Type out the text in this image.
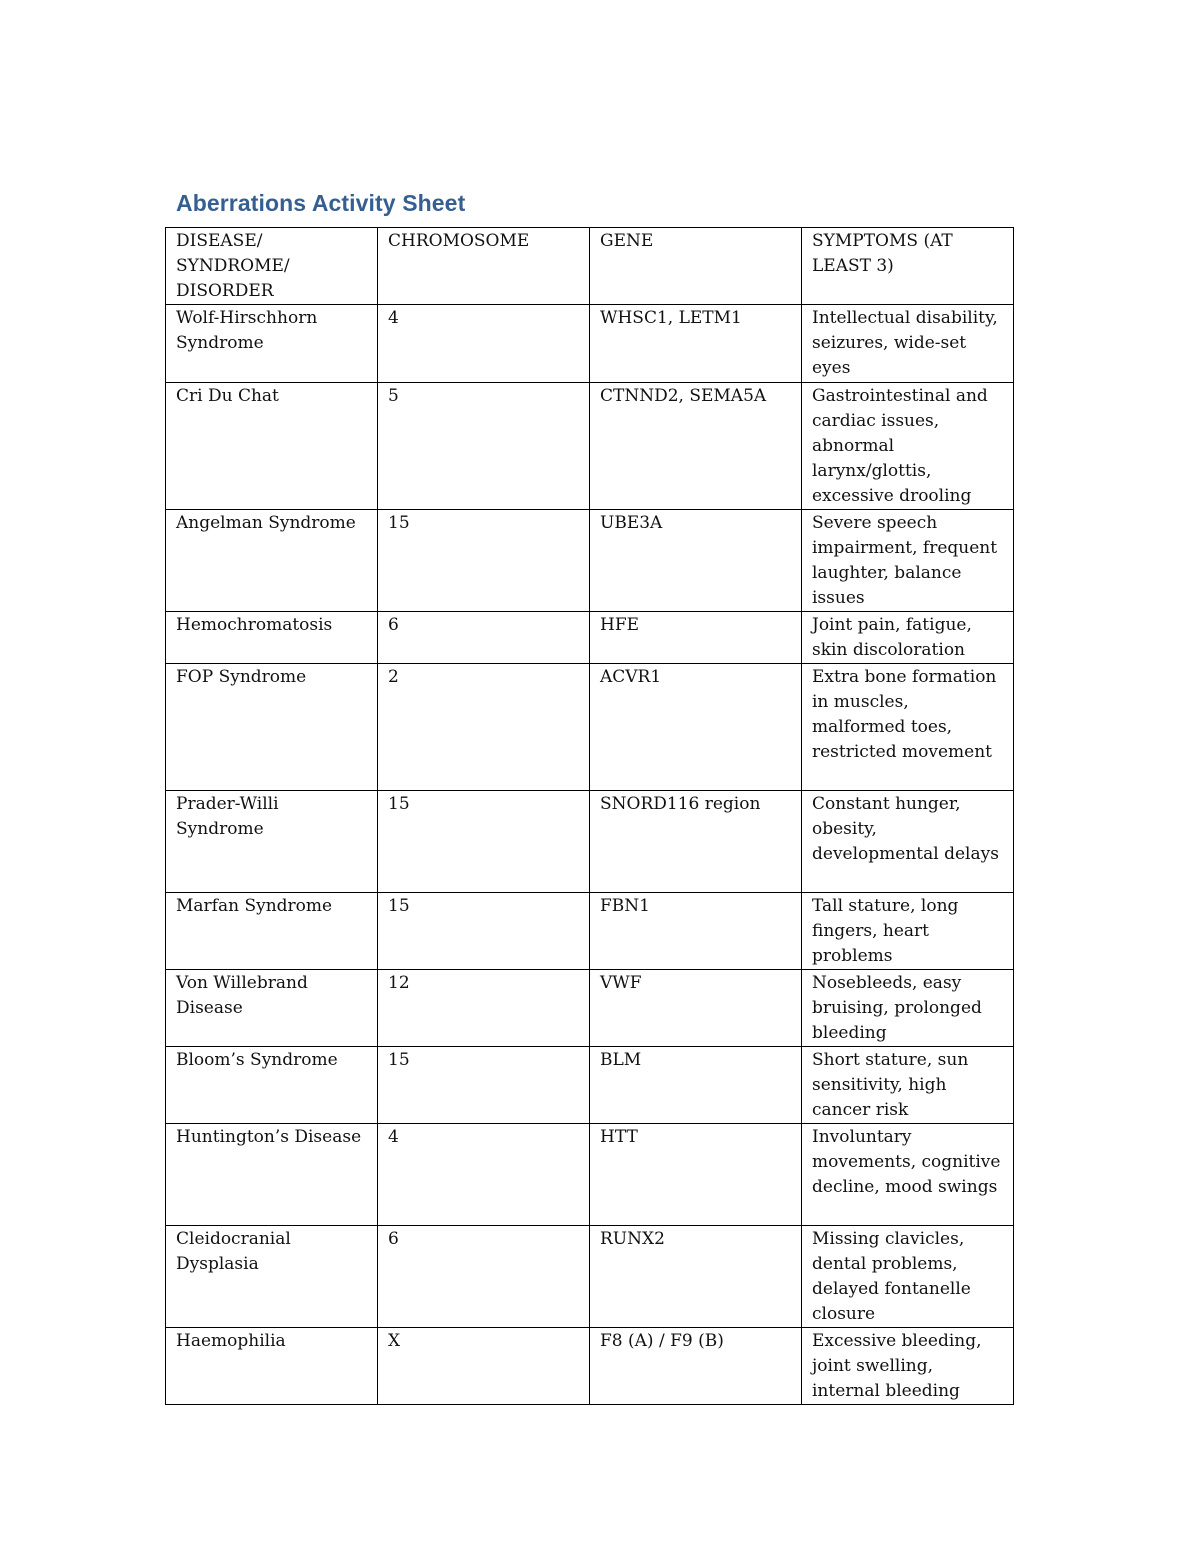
Aberrations Activity Sheet
DISEASE/ SYNDROME/ DISORDER	CHROMOSOME	GENE	SYMPTOMS (AT LEAST 3)

Wolf-Hirschhorn Syndrome	4	WHSC1, LETM1	Intellectual disability, seizures, wide-set eyes

Cri Du Chat	5	CTNND2, SEMA5A	Gastrointestinal and cardiac issues, abnormal larynx/glottis, excessive drooling

Angelman Syndrome	15	UBE3A	Severe speech impairment, frequent laughter, balance issues

Hemochromatosis	6	HFE	Joint pain, fatigue, skin discoloration

FOP Syndrome	2	ACVR1	Extra bone formation in muscles, malformed toes, restricted movement

Prader-Willi Syndrome	15	SNORD116 region	Constant hunger, obesity, developmental delays

Marfan Syndrome	15	FBN1	Tall stature, long fingers, heart problems

Von Willebrand Disease	12	VWF	Nosebleeds, easy bruising, prolonged bleeding

Bloom’s Syndrome	15	BLM	Short stature, sun sensitivity, high cancer risk

Huntington’s Disease	4	HTT	Involuntary movements, cognitive decline, mood swings

Cleidocranial Dysplasia	6	RUNX2	Missing clavicles, dental problems, delayed fontanelle closure

Haemophilia	X	F8 (A) / F9 (B)	Excessive bleeding, joint swelling, internal bleeding
